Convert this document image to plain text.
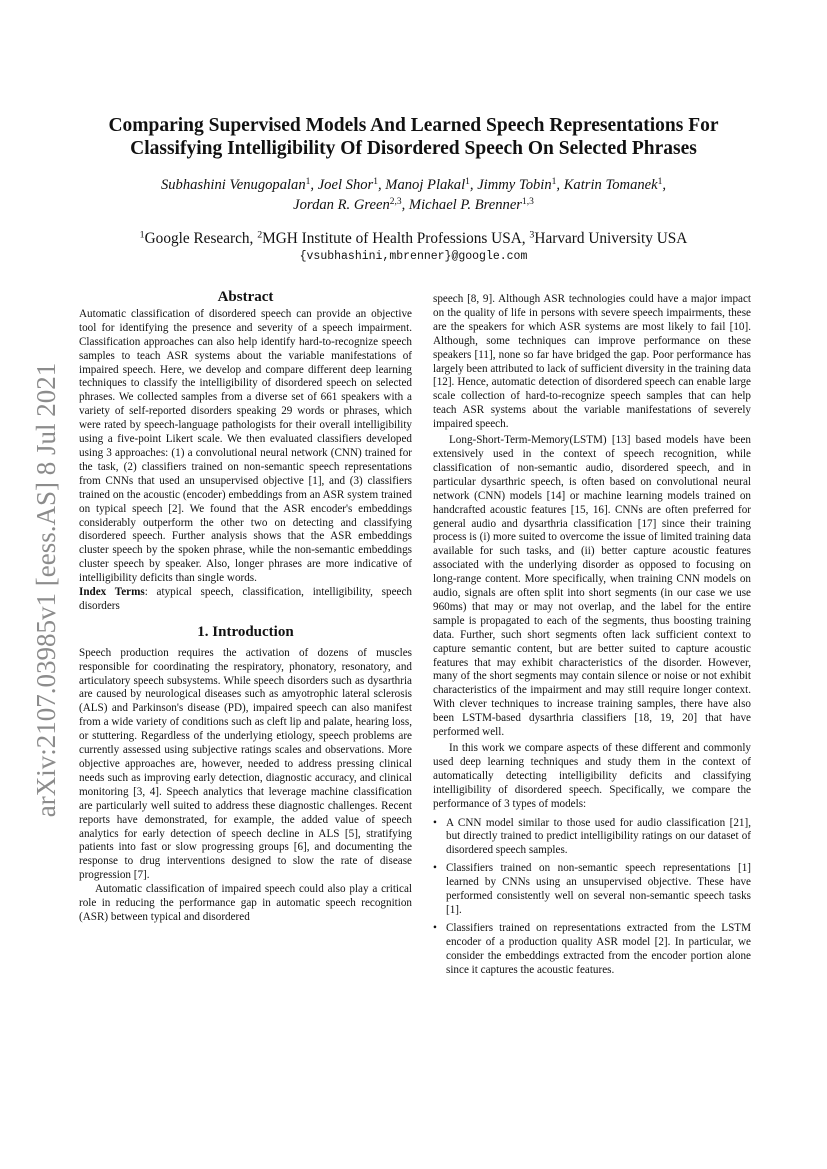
arXiv:2107.03985v1 [eess.AS] 8 Jul 2021
Comparing Supervised Models And Learned Speech Representations For
Classifying Intelligibility Of Disordered Speech On Selected Phrases
Subhashini Venugopalan$^1$, Joel Shor$^1$, Manoj Plakal$^1$, Jimmy Tobin$^1$, Katrin Tomanek$^1$,
Jordan R. Green$^{2,3}$, Michael P. Brenner$^{1,3}$
$^1$Google Research, $^2$MGH Institute of Health Professions USA, $^3$Harvard University USA
{vsubhashini,mbrenner}@google.com
Abstract

Automatic classification of disordered speech can provide an objective tool for identifying the presence and severity of a speech impairment. Classification approaches can also help identify hard-to-recognize speech samples to teach ASR systems about the variable manifestations of impaired speech. Here, we develop and compare different deep learning techniques to classify the intelligibility of disordered speech on selected phrases. We collected samples from a diverse set of 661 speakers with a variety of self-reported disorders speaking 29 words or phrases, which were rated by speech-language pathologists for their overall intelligibility using a five-point Likert scale. We then evaluated classifiers developed using 3 approaches: (1) a convolutional neural network (CNN) trained for the task, (2) classifiers trained on non-semantic speech representations from CNNs that used an unsupervised objective [1], and (3) classifiers trained on the acoustic (encoder) embeddings from an ASR system trained on typical speech [2]. We found that the ASR encoder's embeddings considerably outperform the other two on detecting and classifying disordered speech. Further analysis shows that the ASR embeddings cluster speech by the spoken phrase, while the non-semantic embeddings cluster speech by speaker. Also, longer phrases are more indicative of intelligibility deficits than single words.

Index Terms: atypical speech, classification, intelligibility, speech disorders

1. Introduction

Speech production requires the activation of dozens of muscles responsible for coordinating the respiratory, phonatory, resonatory, and articulatory speech subsystems. While speech disorders such as dysarthria are caused by neurological diseases such as amyotrophic lateral sclerosis (ALS) and Parkinson's disease (PD), impaired speech can also manifest from a wide variety of conditions such as cleft lip and palate, hearing loss, or stuttering. Regardless of the underlying etiology, speech problems are currently assessed using subjective ratings scales and observations. More objective approaches are, however, needed to address pressing clinical needs such as improving early detection, diagnostic accuracy, and clinical monitoring [3, 4]. Speech analytics that leverage machine classification are particularly well suited to address these diagnostic challenges. Recent reports have demonstrated, for example, the added value of speech analytics for early detection of speech decline in ALS [5], stratifying patients into fast or slow progressing groups [6], and documenting the response to drug interventions designed to slow the rate of disease progression [7].

Automatic classification of impaired speech could also play a critical role in reducing the performance gap in automatic speech recognition (ASR) between typical and disordered

speech [8, 9]. Although ASR technologies could have a major impact on the quality of life in persons with severe speech impairments, these are the speakers for which ASR systems are most likely to fail [10]. Although, some techniques can improve performance on these speakers [11], none so far have bridged the gap. Poor performance has largely been attributed to lack of sufficient diversity in the training data [12]. Hence, automatic detection of disordered speech can enable large scale collection of hard-to-recognize speech samples that can help teach ASR systems about the variable manifestations of severely impaired speech.

Long-Short-Term-Memory(LSTM) [13] based models have been extensively used in the context of speech recognition, while classification of non-semantic audio, disordered speech, and in particular dysarthric speech, is often based on convolutional neural network (CNN) models [14] or machine learning models trained on handcrafted acoustic features [15, 16]. CNNs are often preferred for general audio and dysarthria classification [17] since their training process is (i) more suited to overcome the issue of limited training data available for such tasks, and (ii) better capture acoustic features associated with the underlying disorder as opposed to focusing on long-range content. More specifically, when training CNN models on audio, signals are often split into short segments (in our case we use 960ms) that may or may not overlap, and the label for the entire sample is propagated to each of the segments, thus boosting training data. Further, such short segments often lack sufficient context to capture semantic content, but are better suited to capture acoustic features that may exhibit characteristics of the disorder. However, many of the short segments may contain silence or noise or not exhibit characteristics of the impairment and may still require longer context. With clever techniques to increase training samples, there have also been LSTM-based dysarthria classifiers [18, 19, 20] that have performed well.

In this work we compare aspects of these different and commonly used deep learning techniques and study them in the context of automatically detecting intelligibility deficits and classifying intelligibility of disordered speech. Specifically, we compare the performance of 3 types of models:

• A CNN model similar to those used for audio classification [21], but directly trained to predict intelligibility ratings on our dataset of disordered speech samples.
• Classifiers trained on non-semantic speech representations [1] learned by CNNs using an unsupervised objective. These have performed consistently well on several non-semantic speech tasks [1].
• Classifiers trained on representations extracted from the LSTM encoder of a production quality ASR model [2]. In particular, we consider the embeddings extracted from the encoder portion alone since it captures the acoustic features.
